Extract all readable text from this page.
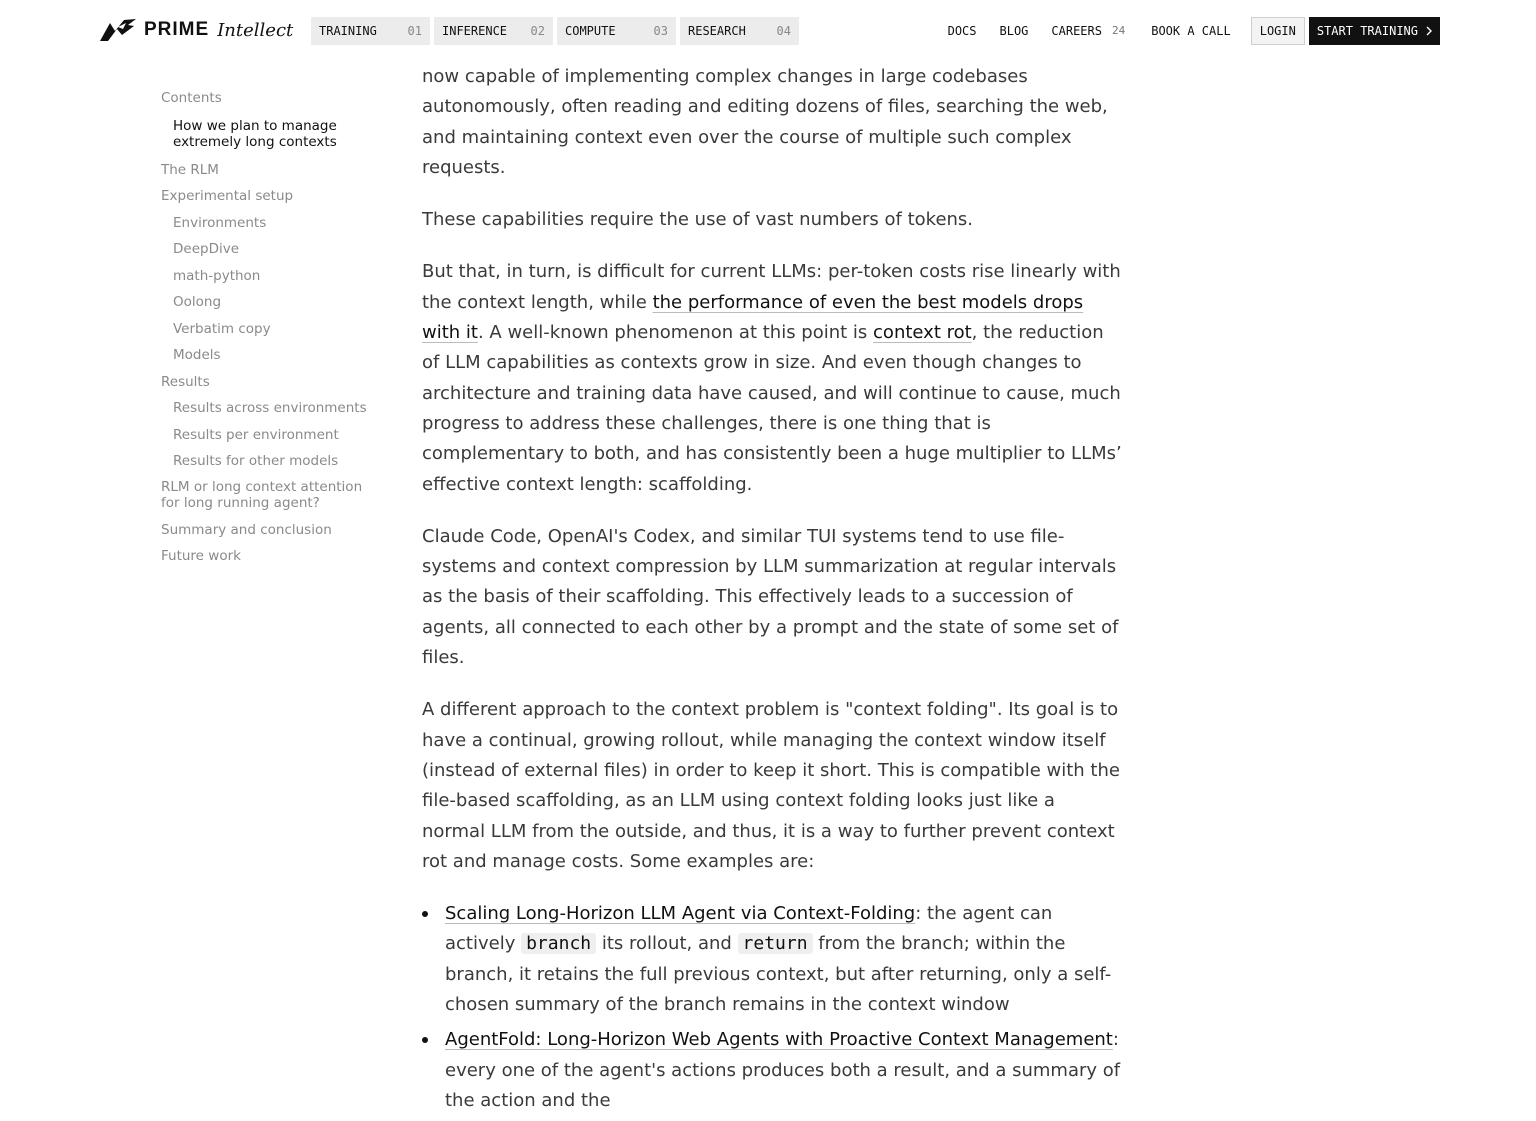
PRIME Intellect TRAINING	01 INFERENCE 02 COMPUTE	03 RESEARCH	04	DOCS BLOG CAREERS 24 BOOK A CALL LOGIN START TRAINING
Contents
How we plan to manage extremely long contexts
The RLM
Experimental setup
Environments
DeepDive
math-python
Oolong
Verbatim copy
Models
Results
Results across environments
Results per environment
Results for other models
RLM or long context attention for long running agent?
Summary and conclusion
Future work

now capable of implementing complex changes in large codebases autonomously, often reading and editing dozens of files, searching the web, and maintaining context even over the course of multiple such complex requests.

These capabilities require the use of vast numbers of tokens.

But that, in turn, is difficult for current LLMs: per-token costs rise linearly with the context length, while the performance of even the best models drops with it. A well-known phenomenon at this point is context rot, the reduction of LLM capabilities as contexts grow in size. And even though changes to architecture and training data have caused, and will continue to cause, much progress to address these challenges, there is one thing that is complementary to both, and has consistently been a huge multiplier to LLMs’ effective context length: scaffolding.

Claude Code, OpenAI's Codex, and similar TUI systems tend to use file-systems and context compression by LLM summarization at regular intervals as the basis of their scaffolding. This effectively leads to a succession of agents, all connected to each other by a prompt and the state of some set of files.

A different approach to the context problem is "context folding". Its goal is to have a continual, growing rollout, while managing the context window itself (instead of external files) in order to keep it short. This is compatible with the file-based scaffolding, as an LLM using context folding looks just like a normal LLM from the outside, and thus, it is a way to further prevent context rot and manage costs. Some examples are:

Scaling Long-Horizon LLM Agent via Context-Folding: the agent can actively branch its rollout, and return from the branch; within the branch, it retains the full previous context, but after returning, only a self-chosen summary of the branch remains in the context window
AgentFold: Long-Horizon Web Agents with Proactive Context Management: every one of the agent's actions produces both a result, and a summary of the action and the
